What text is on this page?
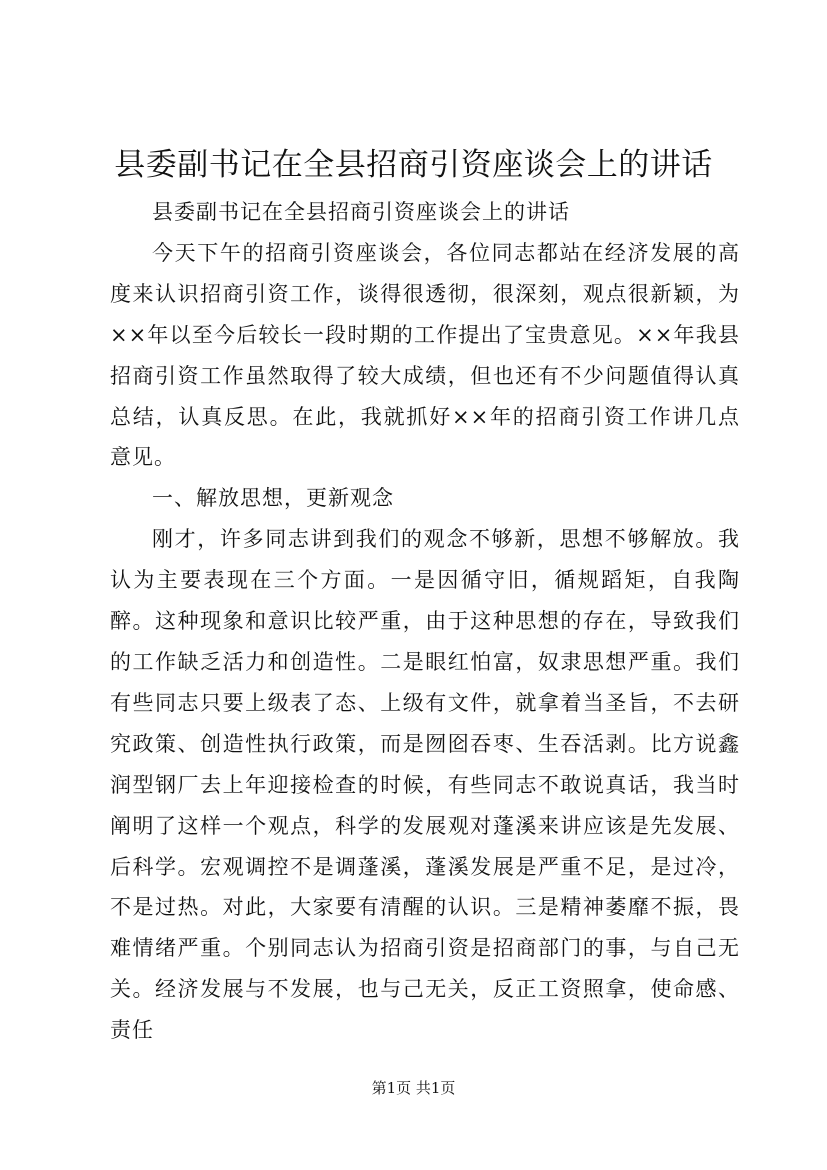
县委副书记在全县招商引资座谈会上的讲话

县委副书记在全县招商引资座谈会上的讲话

今天下午的招商引资座谈会，各位同志都站在经济发展的高度来认识招商引资工作，谈得很透彻，很深刻，观点很新颖，为××年以至今后较长一段时期的工作提出了宝贵意见。××年我县招商引资工作虽然取得了较大成绩，但也还有不少问题值得认真总结，认真反思。在此，我就抓好××年的招商引资工作讲几点意见。

一、解放思想，更新观念

刚才，许多同志讲到我们的观念不够新，思想不够解放。我认为主要表现在三个方面。一是因循守旧，循规蹈矩，自我陶醉。这种现象和意识比较严重，由于这种思想的存在，导致我们的工作缺乏活力和创造性。二是眼红怕富，奴隶思想严重。我们有些同志只要上级表了态、上级有文件，就拿着当圣旨，不去研究政策、创造性执行政策，而是囫囵吞枣、生吞活剥。比方说鑫润型钢厂去上年迎接检查的时候，有些同志不敢说真话，我当时阐明了这样一个观点，科学的发展观对蓬溪来讲应该是先发展、后科学。宏观调控不是调蓬溪，蓬溪发展是严重不足，是过冷，不是过热。对此，大家要有清醒的认识。三是精神萎靡不振，畏难情绪严重。个别同志认为招商引资是招商部门的事，与自己无关。经济发展与不发展，也与己无关，反正工资照拿，使命感、责任

第1页 共1页
